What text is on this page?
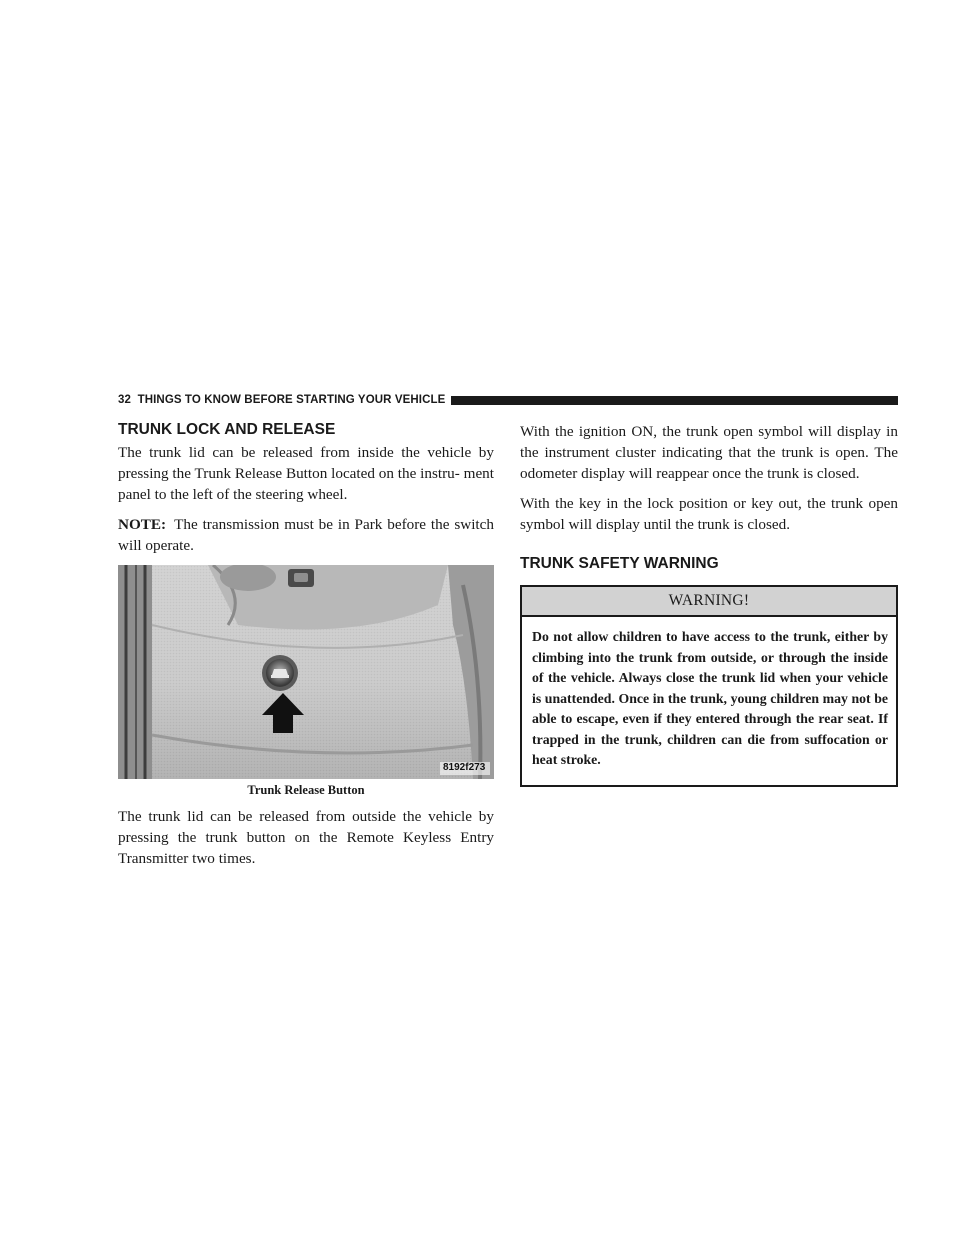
32 THINGS TO KNOW BEFORE STARTING YOUR VEHICLE
TRUNK LOCK AND RELEASE

The trunk lid can be released from inside the vehicle by pressing the Trunk Release Button located on the instru- ment panel to the left of the steering wheel.

NOTE: The transmission must be in Park before the switch will operate.

8192f273
Trunk Release Button

The trunk lid can be released from outside the vehicle by pressing the trunk button on the Remote Keyless Entry Transmitter two times.

With the ignition ON, the trunk open symbol will display in the instrument cluster indicating that the trunk is open. The odometer display will reappear once the trunk is closed.

With the key in the lock position or key out, the trunk open symbol will display until the trunk is closed.

TRUNK SAFETY WARNING
WARNING!
Do not allow children to have access to the trunk, either by climbing into the trunk from outside, or through the inside of the vehicle. Always close the trunk lid when your vehicle is unattended. Once in the trunk, young children may not be able to escape, even if they entered through the rear seat. If trapped in the trunk, children can die from suffocation or heat stroke.
